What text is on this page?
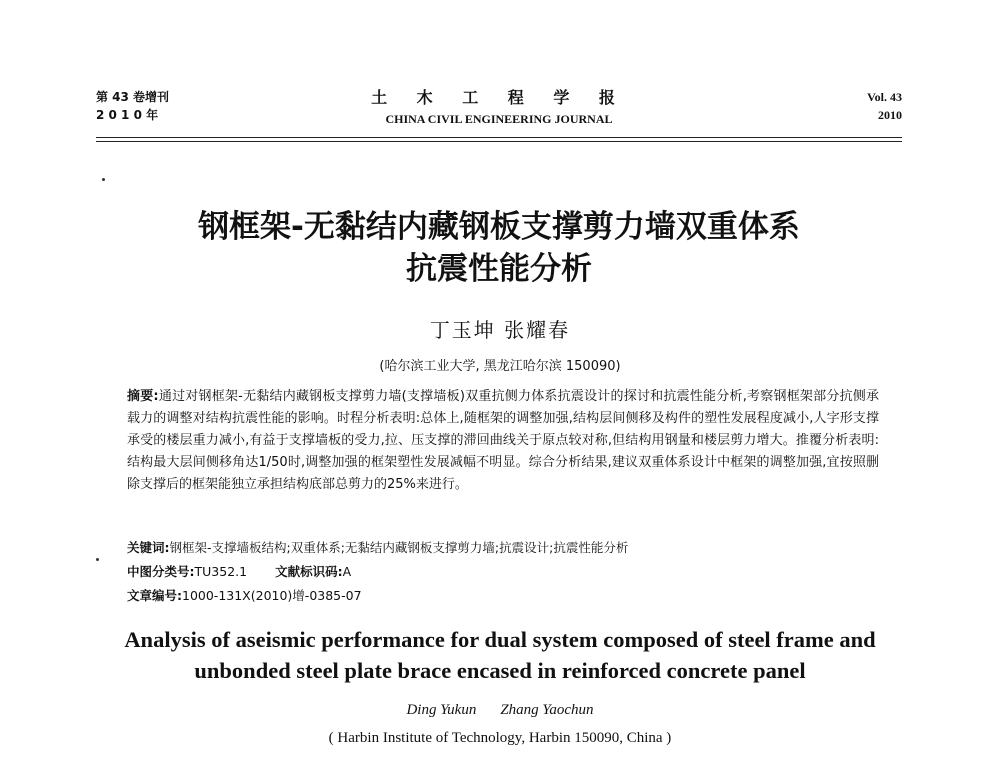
第 43 卷增刊
2 0 1 0 年
土 木 工 程 学 报
CHINA CIVIL ENGINEERING JOURNAL
Vol. 43
2010
钢框架-无黏结内藏钢板支撑剪力墙双重体系
抗震性能分析
丁玉坤 张耀春
(哈尔滨工业大学, 黑龙江哈尔滨 150090)
摘要:通过对钢框架-无黏结内藏钢板支撑剪力墙(支撑墙板)双重抗侧力体系抗震设计的探讨和抗震性能分析,考察钢框架部分抗侧承载力的调整对结构抗震性能的影响。时程分析表明:总体上,随框架的调整加强,结构层间侧移及构件的塑性发展程度减小,人字形支撑承受的楼层重力减小,有益于支撑墙板的受力,拉、压支撑的滞回曲线关于原点较对称,但结构用钢量和楼层剪力增大。推覆分析表明:结构最大层间侧移角达1/50时,调整加强的框架塑性发展减幅不明显。综合分析结果,建议双重体系设计中框架的调整加强,宜按照删除支撑后的框架能独立承担结构底部总剪力的25%来进行。
关键词:钢框架-支撑墙板结构;双重体系;无黏结内藏钢板支撑剪力墙;抗震设计;抗震性能分析
中图分类号:TU352.1 文献标识码:A
文章编号:1000-131X(2010)增-0385-07
Analysis of aseismic performance for dual system composed of steel frame and
unbonded steel plate brace encased in reinforced concrete panel
Ding Yukun Zhang Yaochun
( Harbin Institute of Technology, Harbin 150090, China )
